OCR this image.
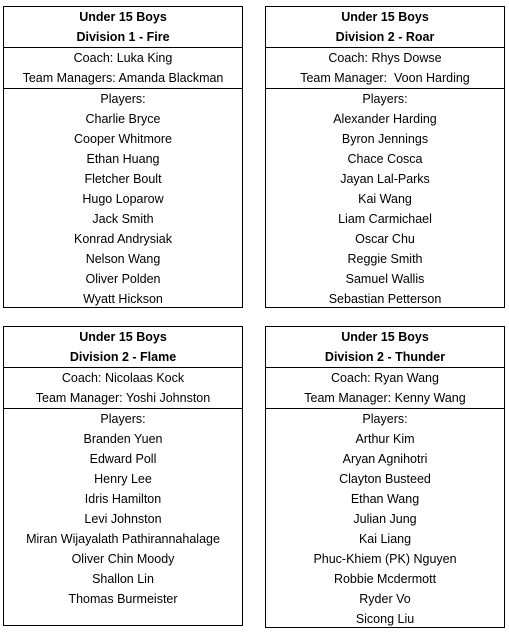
Under 15 Boys
Division 1 - Fire
Coach: Luka King
Team Managers: Amanda Blackman
Players:
Charlie Bryce
Cooper Whitmore
Ethan Huang
Fletcher Boult
Hugo Loparow
Jack Smith
Konrad Andrysiak
Nelson Wang
Oliver Polden
Wyatt Hickson
Under 15 Boys
Division 2 - Roar
Coach: Rhys Dowse
Team Manager:  Voon Harding
Players:
Alexander Harding
Byron Jennings
Chace Cosca
Jayan Lal-Parks
Kai Wang
Liam Carmichael
Oscar Chu
Reggie Smith
Samuel Wallis
Sebastian Petterson
Under 15 Boys
Division 2 - Flame
Coach: Nicolaas Kock
Team Manager: Yoshi Johnston
Players:
Branden Yuen
Edward Poll
Henry Lee
Idris Hamilton
Levi Johnston
Miran Wijayalath Pathirannahalage
Oliver Chin Moody
Shallon Lin
Thomas Burmeister
Under 15 Boys
Division 2 - Thunder
Coach: Ryan Wang
Team Manager: Kenny Wang
Players:
Arthur Kim
Aryan Agnihotri
Clayton Busteed
Ethan Wang
Julian Jung
Kai Liang
Phuc-Khiem (PK) Nguyen
Robbie Mcdermott
Ryder Vo
Sicong Liu
